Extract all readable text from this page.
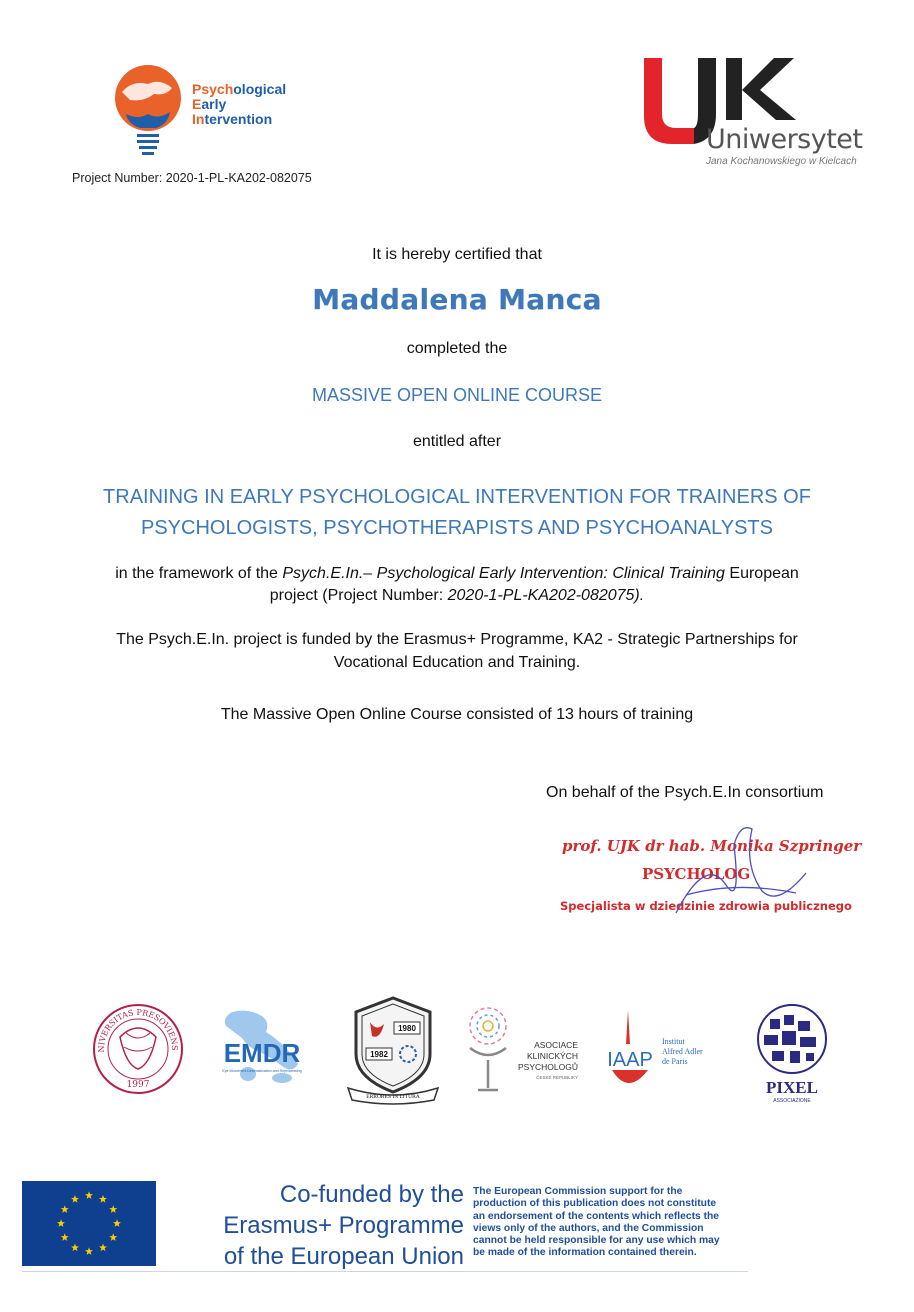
Psychological
Early
Intervention
Project Number: 2020-1-PL-KA202-082075
Uniwersytet
Jana Kochanowskiego w Kielcach
It is hereby certified that
Maddalena Manca
completed the
MASSIVE OPEN ONLINE COURSE
entitled after
TRAINING IN EARLY PSYCHOLOGICAL INTERVENTION FOR TRAINERS OF
PSYCHOLOGISTS, PSYCHOTHERAPISTS AND PSYCHOANALYSTS
in the framework of the Psych.E.In.– Psychological Early Intervention: Clinical Training European
project (Project Number: 2020-1-PL-KA202-082075).
The Psych.E.In. project is funded by the Erasmus+ Programme, KA2 - Strategic Partnerships for
Vocational Education and Training.
The Massive Open Online Course consisted of 13 hours of training
On behalf of the Psych.E.In consortium
prof. UJK dr hab. Monika Szpringer
PSYCHOLOG
Specjalista w dziedzinie zdrowia publicznego
NIVERSITAS PRESOVIENS
1997
EMDR
Eye Movement Desensitization and Reprocessing
1980
1982
ERRORES IN LITURA
ASOCIACE
KLINICKÝCH
PSYCHOLOGŮ
ČESKÉ REPUBLIKY
IAAP
Institut
Alfred Adler
de Paris
PIXEL
ASSOCIAZIONE
Co-funded by the
Erasmus+ Programme
of the European Union
The European Commission support for the
production of this publication does not constitute
an endorsement of the contents which reflects the
views only of the authors, and the Commission
cannot be held responsible for any use which may
be made of the information contained therein.
